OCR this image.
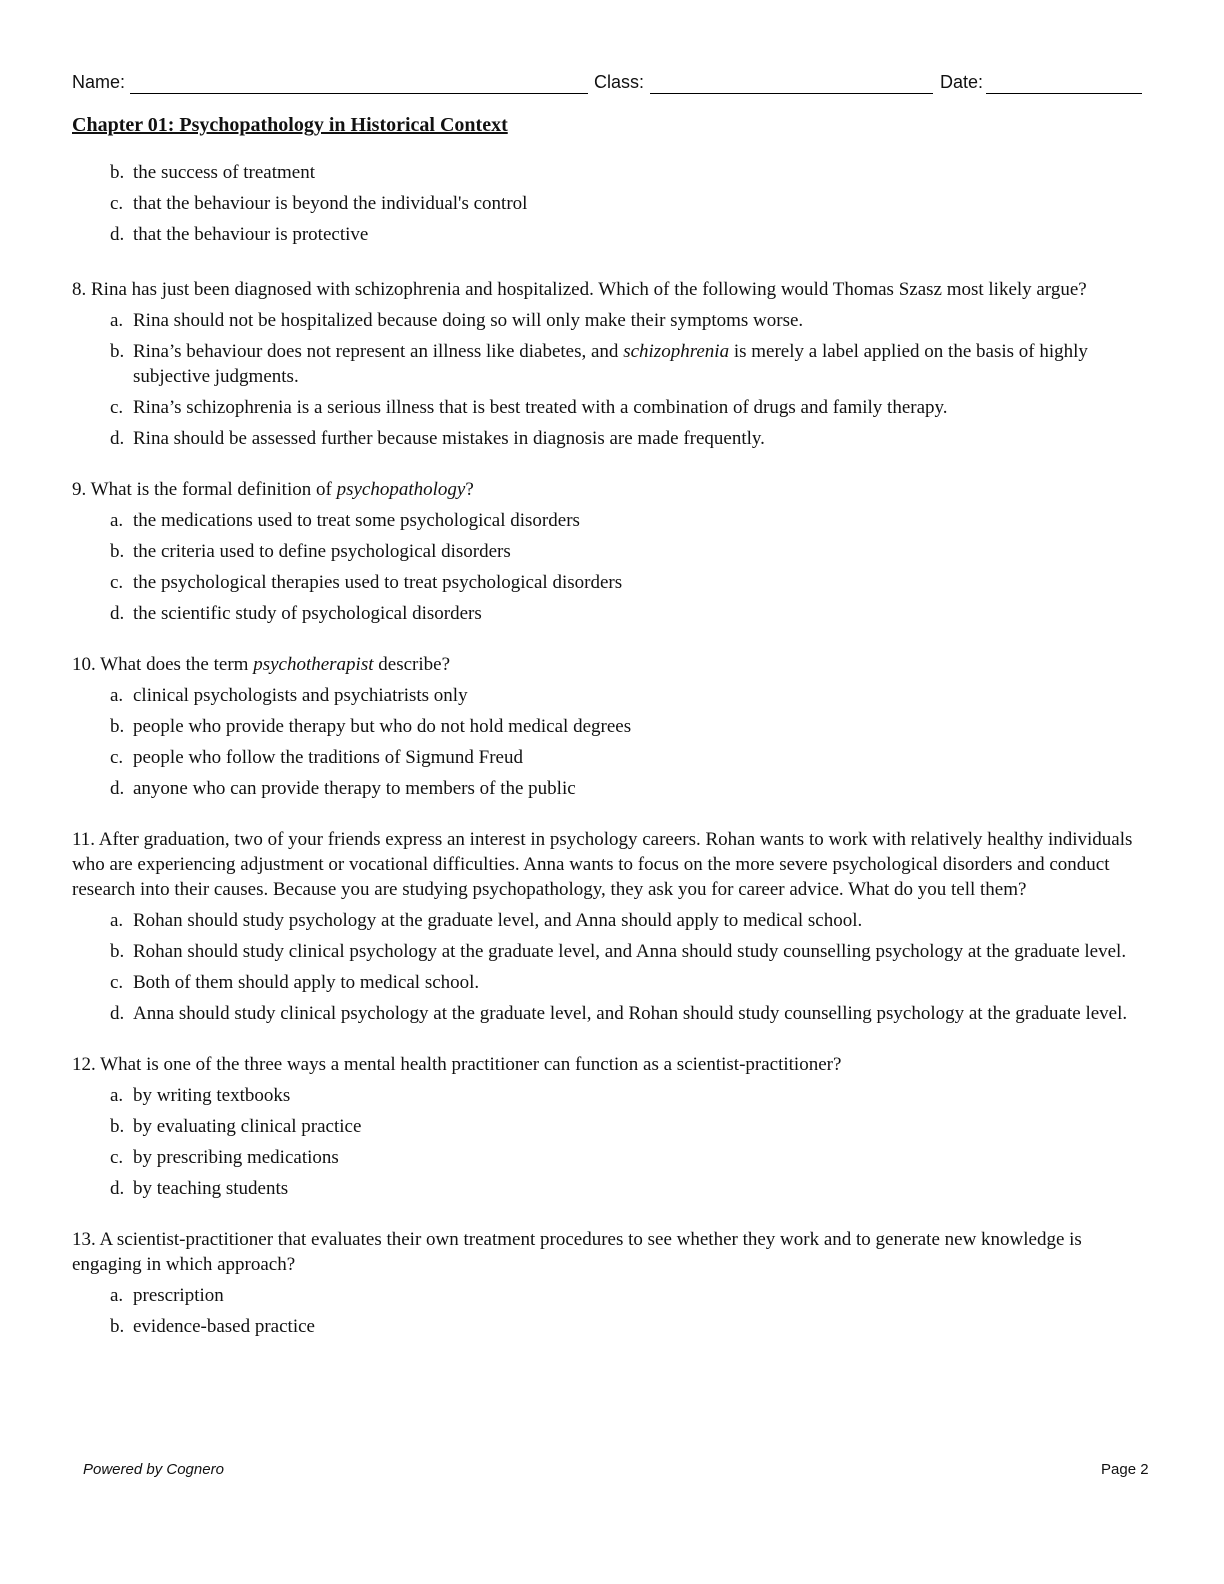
Name:	Class:	Date:
Chapter 01: Psychopathology in Historical Context
b. the success of treatment
c. that the behaviour is beyond the individual's control
d. that the behaviour is protective
8. Rina has just been diagnosed with schizophrenia and hospitalized. Which of the following would Thomas Szasz most likely argue?
a. Rina should not be hospitalized because doing so will only make their symptoms worse.
b. Rina’s behaviour does not represent an illness like diabetes, and schizophrenia is merely a label applied on the basis of highly subjective judgments.
c. Rina’s schizophrenia is a serious illness that is best treated with a combination of drugs and family therapy.
d. Rina should be assessed further because mistakes in diagnosis are made frequently.
9. What is the formal definition of psychopathology?
a. the medications used to treat some psychological disorders
b. the criteria used to define psychological disorders
c. the psychological therapies used to treat psychological disorders
d. the scientific study of psychological disorders
10. What does the term psychotherapist describe?
a. clinical psychologists and psychiatrists only
b. people who provide therapy but who do not hold medical degrees
c. people who follow the traditions of Sigmund Freud
d. anyone who can provide therapy to members of the public
11. After graduation, two of your friends express an interest in psychology careers. Rohan wants to work with relatively healthy individuals who are experiencing adjustment or vocational difficulties. Anna wants to focus on the more severe psychological disorders and conduct research into their causes. Because you are studying psychopathology, they ask you for career advice. What do you tell them?
a. Rohan should study psychology at the graduate level, and Anna should apply to medical school.
b. Rohan should study clinical psychology at the graduate level, and Anna should study counselling psychology at the graduate level.
c. Both of them should apply to medical school.
d. Anna should study clinical psychology at the graduate level, and Rohan should study counselling psychology at the graduate level.
12. What is one of the three ways a mental health practitioner can function as a scientist-practitioner?
a. by writing textbooks
b. by evaluating clinical practice
c. by prescribing medications
d. by teaching students
13. A scientist-practitioner that evaluates their own treatment procedures to see whether they work and to generate new knowledge is engaging in which approach?
a. prescription
b. evidence-based practice
Powered by Cognero	Page 2
